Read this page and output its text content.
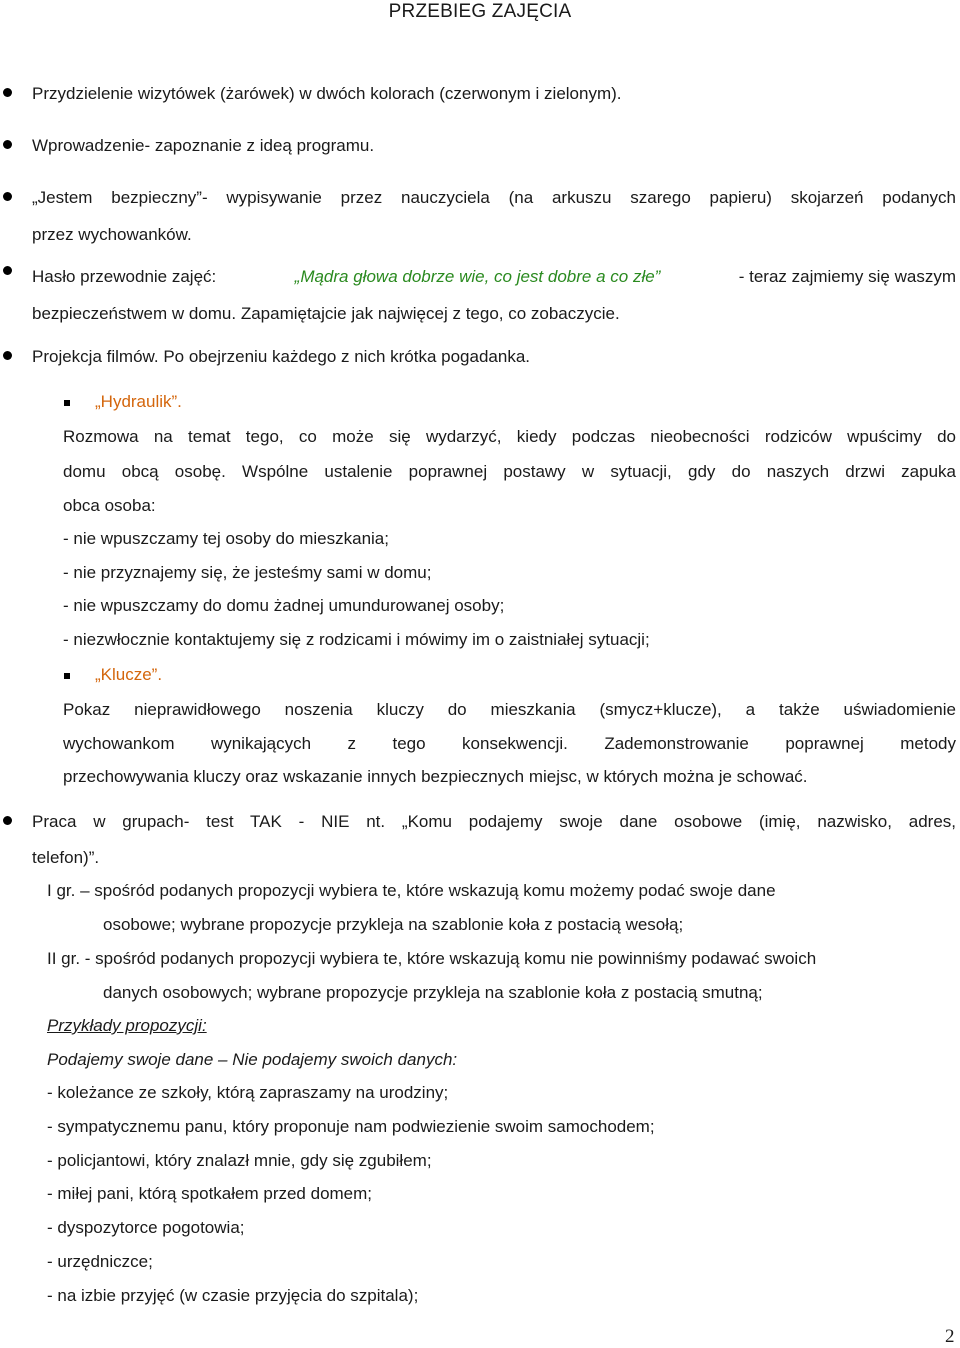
PRZEBIEG ZAJĘCIA
Przydzielenie wizytówek (żarówek) w dwóch kolorach (czerwonym i zielonym).
Wprowadzenie- zapoznanie z ideą programu.
„Jestem bezpieczny”- wypisywanie przez nauczyciela (na arkuszu szarego papieru) skojarzeń podanych
przez wychowanków.
Hasło przewodnie zajęć:	„Mądra głowa dobrze wie, co jest dobre a co złe”	- teraz zajmiemy się waszym
bezpieczeństwem w domu. Zapamiętajcie jak najwięcej z tego, co zobaczycie.
Projekcja filmów. Po obejrzeniu każdego z nich krótka pogadanka.
„Hydraulik”.
Rozmowa na temat tego, co może się wydarzyć, kiedy podczas nieobecności rodziców wpuścimy do
domu obcą osobę. Wspólne ustalenie poprawnej postawy w sytuacji, gdy do naszych drzwi zapuka
obca osoba:
- nie wpuszczamy tej osoby do mieszkania;
- nie przyznajemy się, że jesteśmy sami w domu;
- nie wpuszczamy do domu żadnej umundurowanej osoby;
- niezwłocznie kontaktujemy się z rodzicami i mówimy im o zaistniałej sytuacji;
„Klucze”.
Pokaz nieprawidłowego noszenia kluczy do mieszkania (smycz+klucze), a także uświadomienie
wychowankom wynikających z tego konsekwencji. Zademonstrowanie poprawnej metody
przechowywania kluczy oraz wskazanie innych bezpiecznych miejsc, w których można je schować.
Praca w grupach- test TAK - NIE nt. „Komu podajemy swoje dane osobowe (imię, nazwisko, adres,
telefon)”.
I gr. – spośród podanych propozycji wybiera te, które wskazują komu możemy podać swoje dane
osobowe; wybrane propozycje przykleja na szablonie koła z postacią wesołą;
II gr. - spośród podanych propozycji wybiera te, które wskazują komu nie powinniśmy podawać swoich
danych osobowych; wybrane propozycje przykleja na szablonie koła z postacią smutną;
Przykłady propozycji:
Podajemy swoje dane – Nie podajemy swoich danych:
- koleżance ze szkoły, którą zapraszamy na urodziny;
- sympatycznemu panu, który proponuje nam podwiezienie swoim samochodem;
- policjantowi, który znalazł mnie, gdy się zgubiłem;
- miłej pani, którą spotkałem przed domem;
- dyspozytorce pogotowia;
- urzędniczce;
- na izbie przyjęć (w czasie przyjęcia do szpitala);
2
